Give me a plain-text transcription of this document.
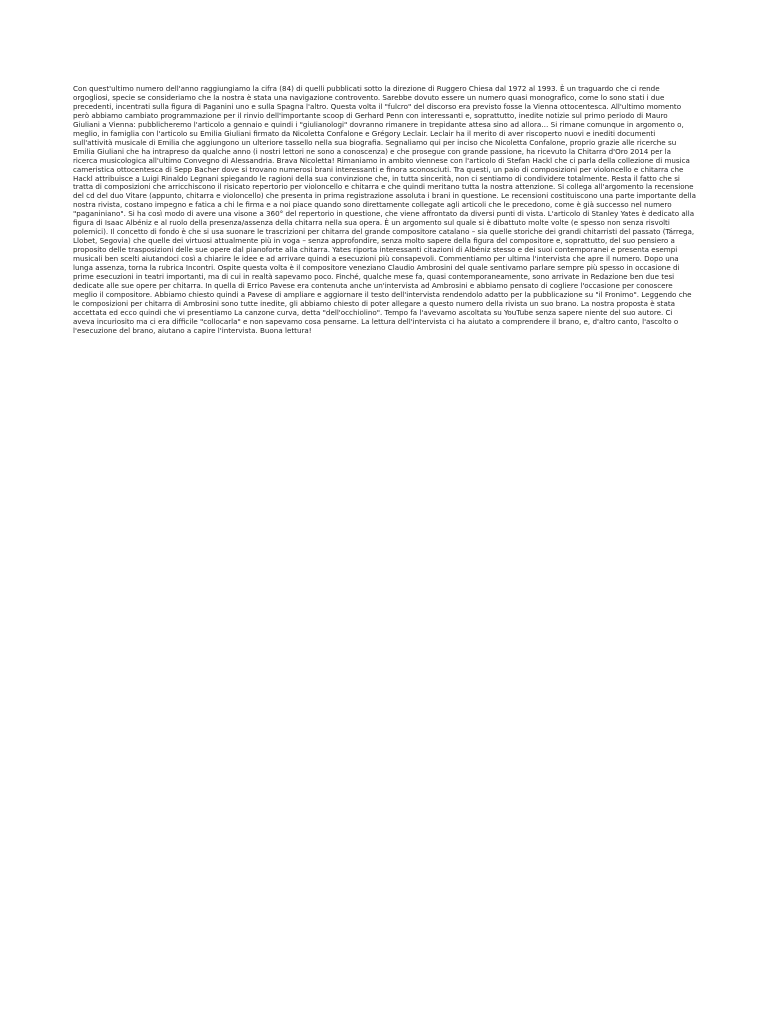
Con quest'ultimo numero dell'anno raggiungiamo la cifra (84) di quelli pubblicati sotto la direzione di Ruggero Chiesa dal 1972 al 1993. È un traguardo che ci rende orgogliosi, specie se consideriamo che la nostra è stata una navigazione controvento. Sarebbe dovuto essere un numero quasi monografico, come lo sono stati i due precedenti, incentrati sulla figura di Paganini uno e sulla Spagna l'altro. Questa volta il "fulcro" del discorso era previsto fosse la Vienna ottocentesca. All'ultimo momento però abbiamo cambiato programmazione per il rinvio dell'importante scoop di Gerhard Penn con interessanti e, soprattutto, inedite notizie sul primo periodo di Mauro Giuliani a Vienna: pubblicheremo l'articolo a gennaio e quindi i "giulianologi" dovranno rimanere in trepidante attesa sino ad allora… Si rimane comunque in argomento o, meglio, in famiglia con l'articolo su Emilia Giuliani firmato da Nicoletta Confalone e Grégory Leclair. Leclair ha il merito di aver riscoperto nuovi e inediti documenti sull'attività musicale di Emilia che aggiungono un ulteriore tassello nella sua biografia. Segnaliamo qui per inciso che Nicoletta Confalone, proprio grazie alle ricerche su Emilia Giuliani che ha intrapreso da qualche anno (i nostri lettori ne sono a conoscenza) e che prosegue con grande passione, ha ricevuto la Chitarra d'Oro 2014 per la ricerca musicologica all'ultimo Convegno di Alessandria. Brava Nicoletta! Rimaniamo in ambito viennese con l'articolo di Stefan Hackl che ci parla della collezione di musica cameristica ottocentesca di Sepp Bacher dove si trovano numerosi brani interessanti e finora sconosciuti. Tra questi, un paio di composizioni per violoncello e chitarra che Hackl attribuisce a Luigi Rinaldo Legnani spiegando le ragioni della sua convinzione che, in tutta sincerità, non ci sentiamo di condividere totalmente. Resta il fatto che si tratta di composizioni che arricchiscono il risicato repertorio per violoncello e chitarra e che quindi meritano tutta la nostra attenzione. Si collega all'argomento la recensione del cd del duo Vitare (appunto, chitarra e violoncello) che presenta in prima registrazione assoluta i brani in questione. Le recensioni costituiscono una parte importante della nostra rivista, costano impegno e fatica a chi le firma e a noi piace quando sono direttamente collegate agli articoli che le precedono, come è già successo nel numero "paganiniano". Si ha così modo di avere una visone a 360° del repertorio in questione, che viene affrontato da diversi punti di vista. L'articolo di Stanley Yates è dedicato alla figura di Isaac Albéniz e al ruolo della presenza/assenza della chitarra nella sua opera. È un argomento sul quale si è dibattuto molte volte (e spesso non senza risvolti polemici). Il concetto di fondo è che si usa suonare le trascrizioni per chitarra del grande compositore catalano – sia quelle storiche dei grandi chitarristi del passato (Tárrega, Llobet, Segovia) che quelle dei virtuosi attualmente più in voga – senza approfondire, senza molto sapere della figura del compositore e, soprattutto, del suo pensiero a proposito delle trasposizioni delle sue opere dal pianoforte alla chitarra. Yates riporta interessanti citazioni di Albéniz stesso e dei suoi contemporanei e presenta esempi musicali ben scelti aiutandoci così a chiarire le idee e ad arrivare quindi a esecuzioni più consapevoli. Commentiamo per ultima l'intervista che apre il numero. Dopo una lunga assenza, torna la rubrica Incontri. Ospite questa volta è il compositore veneziano Claudio Ambrosini del quale sentivamo parlare sempre più spesso in occasione di prime esecuzioni in teatri importanti, ma di cui in realtà sapevamo poco. Finché, qualche mese fa, quasi contemporaneamente, sono arrivate in Redazione ben due tesi dedicate alle sue opere per chitarra. In quella di Errico Pavese era contenuta anche un'intervista ad Ambrosini e abbiamo pensato di cogliere l'occasione per conoscere meglio il compositore. Abbiamo chiesto quindi a Pavese di ampliare e aggiornare il testo dell'intervista rendendolo adatto per la pubblicazione su "il Fronimo". Leggendo che le composizioni per chitarra di Ambrosini sono tutte inedite, gli abbiamo chiesto di poter allegare a questo numero della rivista un suo brano. La nostra proposta è stata accettata ed ecco quindi che vi presentiamo La canzone curva, detta "dell'occhiolino". Tempo fa l'avevamo ascoltata su YouTube senza sapere niente del suo autore. Ci aveva incuriosito ma ci era difficile "collocarla" e non sapevamo cosa pensarne. La lettura dell'intervista ci ha aiutato a comprendere il brano, e, d'altro canto, l'ascolto o l'esecuzione del brano, aiutano a capire l'intervista. Buona lettura!
